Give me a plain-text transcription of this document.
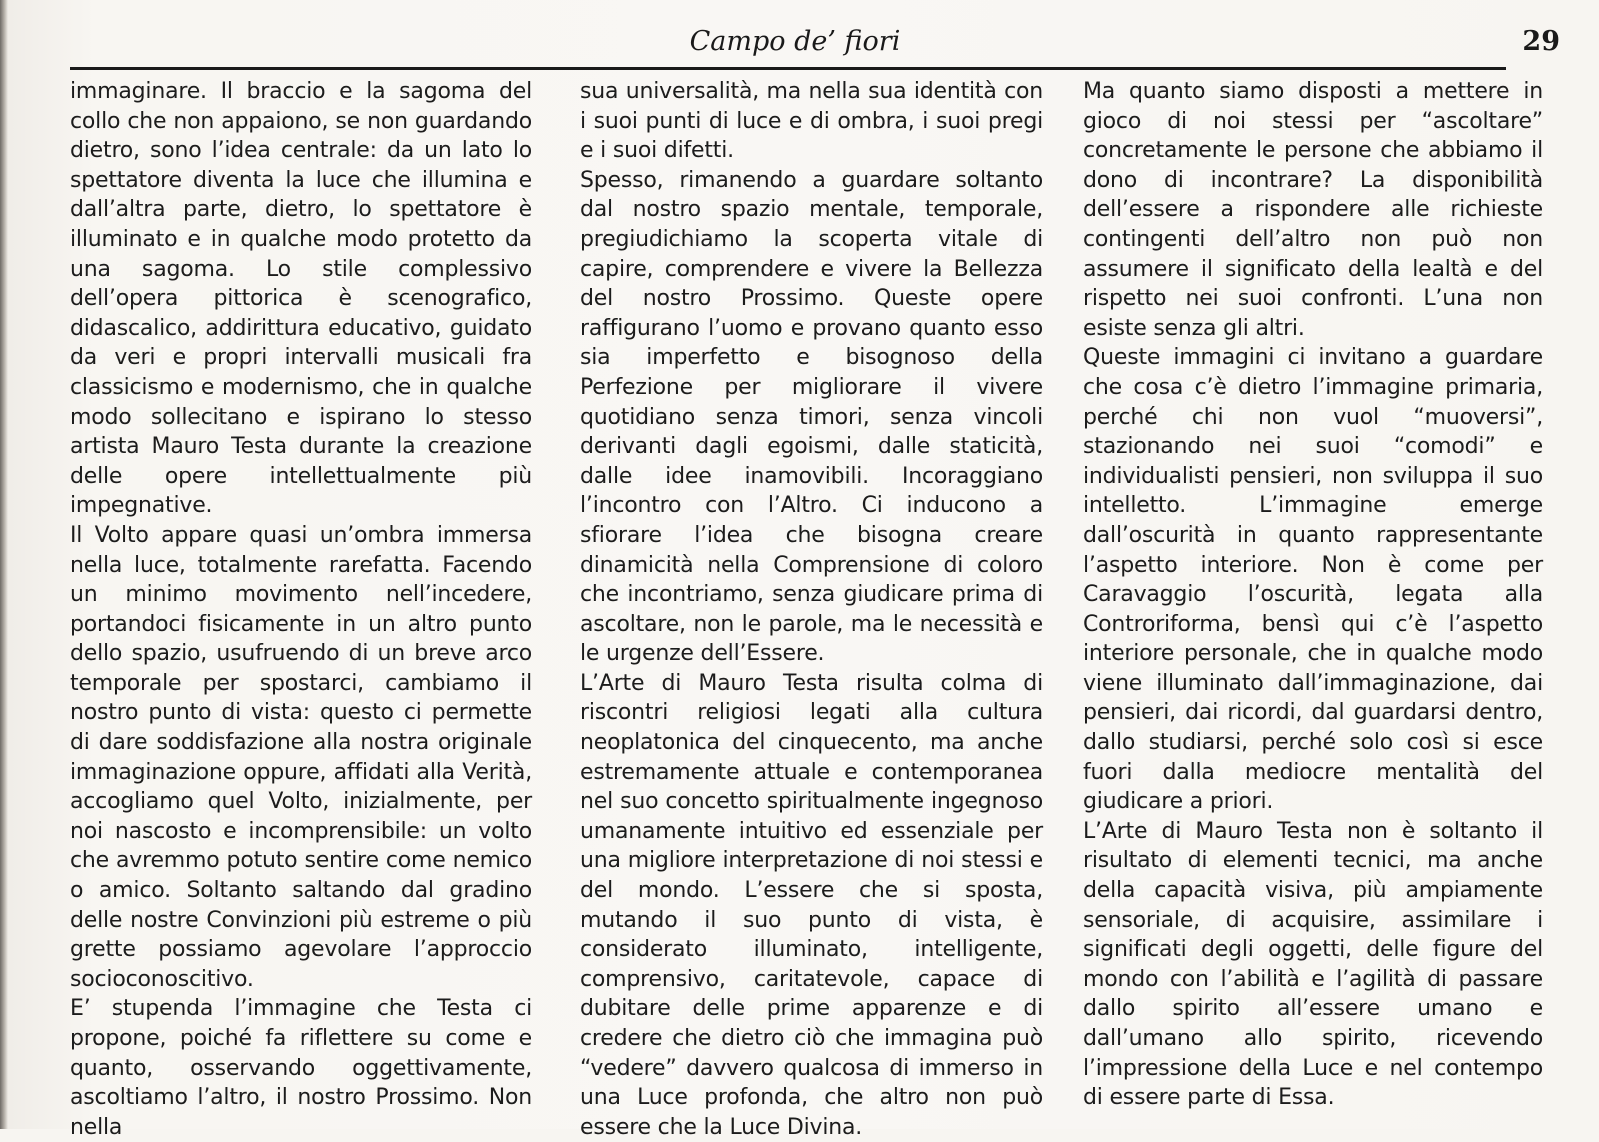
Campo de’ fiori	29

immaginare. Il braccio e la sagoma del collo che non appaiono, se non guardando dietro, sono l’idea centrale: da un lato lo spettatore diventa la luce che illumina e dall’altra parte, dietro, lo spettatore è illuminato e in qualche modo protetto da una sagoma. Lo stile complessivo dell’opera pittorica è scenografico, didascalico, addirittura educativo, guidato da veri e propri intervalli musicali fra classicismo e modernismo, che in qualche modo sollecitano e ispirano lo stesso artista Mauro Testa durante la creazione delle opere intellettualmente più impegnative.

Il Volto appare quasi un’ombra immersa nella luce, totalmente rarefatta. Facendo un minimo movimento nell’incedere, portandoci fisicamente in un altro punto dello spazio, usufruendo di un breve arco temporale per spostarci, cambiamo il nostro punto di vista: questo ci permette di dare soddisfazione alla nostra originale immaginazione oppure, affidati alla Verità, accogliamo quel Volto, inizialmente, per noi nascosto e incomprensibile: un volto che avremmo potuto sentire come nemico o amico. Soltanto saltando dal gradino delle nostre Convinzioni più estreme o più grette possiamo agevolare l’approccio socioconoscitivo.

E’ stupenda l’immagine che Testa ci propone, poiché fa riflettere su come e quanto, osservando oggettivamente, ascoltiamo l’altro, il nostro Prossimo. Non nella

sua universalità, ma nella sua identità con i suoi punti di luce e di ombra, i suoi pregi e i suoi difetti.

Spesso, rimanendo a guardare soltanto dal nostro spazio mentale, temporale, pregiudichiamo la scoperta vitale di capire, comprendere e vivere la Bellezza del nostro Prossimo. Queste opere raffigurano l’uomo e provano quanto esso sia imperfetto e bisognoso della Perfezione per migliorare il vivere quotidiano senza timori, senza vincoli derivanti dagli egoismi, dalle staticità, dalle idee inamovibili. Incoraggiano l’incontro con l’Altro. Ci inducono a sfiorare l’idea che bisogna creare dinamicità nella Comprensione di coloro che incontriamo, senza giudicare prima di ascoltare, non le parole, ma le necessità e le urgenze dell’Essere.

L’Arte di Mauro Testa risulta colma di riscontri religiosi legati alla cultura neoplatonica del cinquecento, ma anche estremamente attuale e contemporanea nel suo concetto spiritualmente ingegnoso umanamente intuitivo ed essenziale per una migliore interpretazione di noi stessi e del mondo. L’essere che si sposta, mutando il suo punto di vista, è considerato illuminato, intelligente, comprensivo, caritatevole, capace di dubitare delle prime apparenze e di credere che dietro ciò che immagina può “vedere” davvero qualcosa di immerso in una Luce profonda, che altro non può essere che la Luce Divina.

Ma quanto siamo disposti a mettere in gioco di noi stessi per “ascoltare” concretamente le persone che abbiamo il dono di incontrare? La disponibilità dell’essere a rispondere alle richieste contingenti dell’altro non può non assumere il significato della lealtà e del rispetto nei suoi confronti. L’una non esiste senza gli altri.

Queste immagini ci invitano a guardare che cosa c’è dietro l’immagine primaria, perché chi non vuol “muoversi”, stazionando nei suoi “comodi” e individualisti pensieri, non sviluppa il suo intelletto. L’immagine emerge dall’oscurità in quanto rappresentante l’aspetto interiore. Non è come per Caravaggio l’oscurità, legata alla Controriforma, bensì qui c’è l’aspetto interiore personale, che in qualche modo viene illuminato dall’immaginazione, dai pensieri, dai ricordi, dal guardarsi dentro, dallo studiarsi, perché solo così si esce fuori dalla mediocre mentalità del giudicare a priori.

L’Arte di Mauro Testa non è soltanto il risultato di elementi tecnici, ma anche della capacità visiva, più ampiamente sensoriale, di acquisire, assimilare i significati degli oggetti, delle figure del mondo con l’abilità e l’agilità di passare dallo spirito all’essere umano e dall’umano allo spirito, ricevendo l’impressione della Luce e nel contempo di essere parte di Essa.
